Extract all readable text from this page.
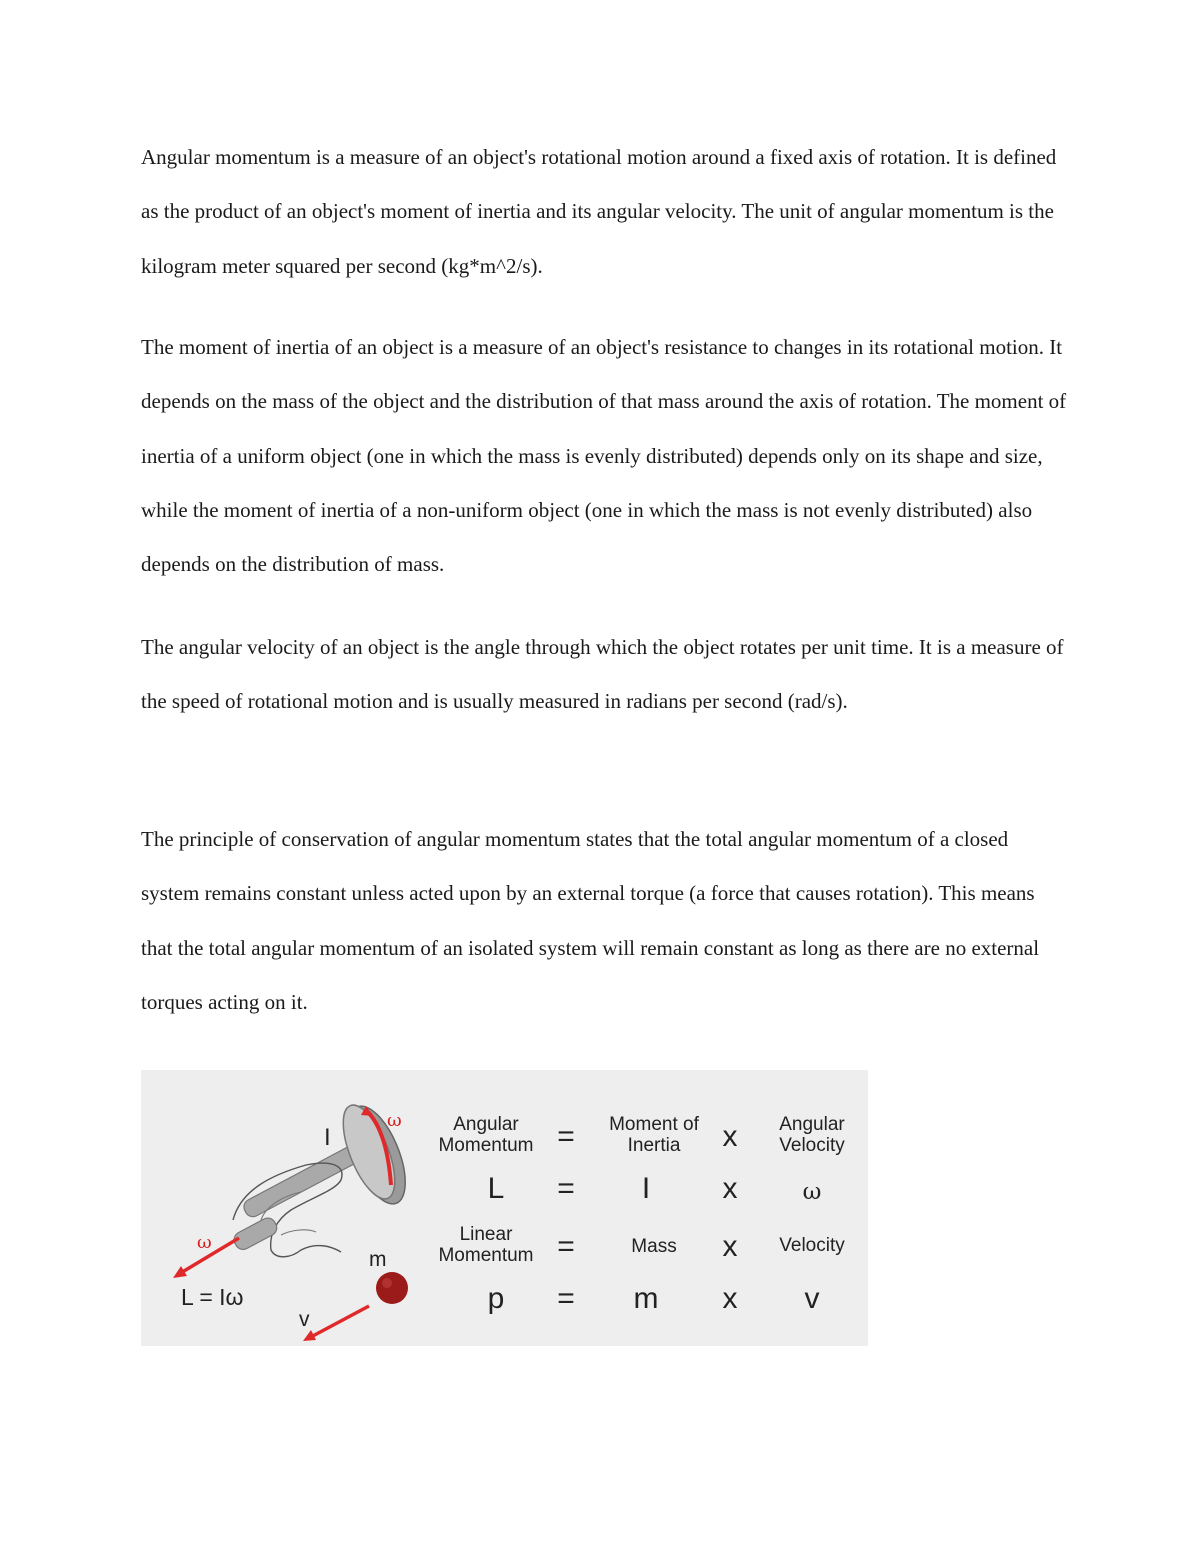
Angular momentum is a measure of an object's rotational motion around a fixed axis of rotation. It is defined as the product of an object's moment of inertia and its angular velocity. The unit of angular momentum is the kilogram meter squared per second (kg*m^2/s).

The moment of inertia of an object is a measure of an object's resistance to changes in its rotational motion. It depends on the mass of the object and the distribution of that mass around the axis of rotation. The moment of inertia of a uniform object (one in which the mass is evenly distributed) depends only on its shape and size, while the moment of inertia of a non-uniform object (one in which the mass is not evenly distributed) also depends on the distribution of mass.

The angular velocity of an object is the angle through which the object rotates per unit time. It is a measure of the speed of rotational motion and is usually measured in radians per second (rad/s).

The principle of conservation of angular momentum states that the total angular momentum of a closed system remains constant unless acted upon by an external torque (a force that causes rotation). This means that the total angular momentum of an isolated system will remain constant as long as there are no external torques acting on it.

I
ω
ω
L = Iω
m
v
Angular Momentum =	Moment of Inertia	x	Angular Velocity
L	=	I	x	ω
Linear Momentum =	Mass	x	Velocity
p	=	m	x	v
